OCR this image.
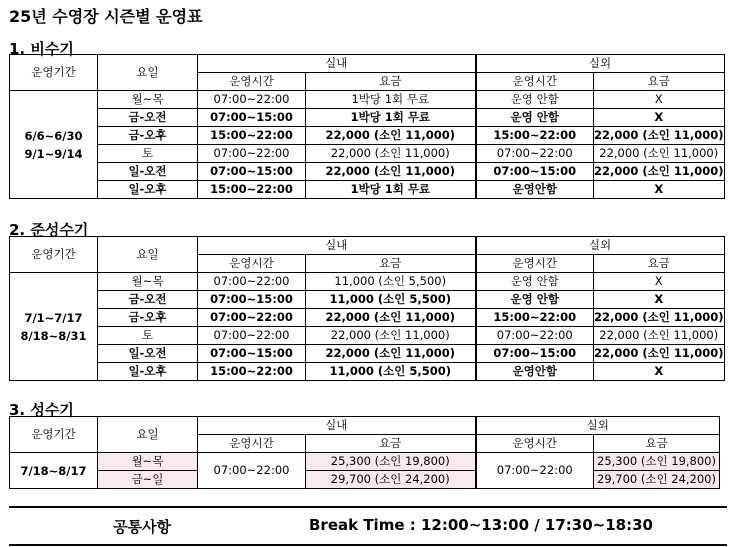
25년 수영장 시즌별 운영표
1. 비수기
운영기간	요일	실내		실외	
		운영시간	요금	운영시간	요금

6/6~6/30
9/1~9/14	월~목	07:00~22:00	1박당 1회 무료	운영 안함	X
	금-오전	07:00~15:00	1박당 1회 무료	운영 안함	X
	금-오후	15:00~22:00	22,000 (소인 11,000)	15:00~22:00	22,000 (소인 11,000)
	토	07:00~22:00	22,000 (소인 11,000)	07:00~22:00	22,000 (소인 11,000)
	일-오전	07:00~15:00	22,000 (소인 11,000)	07:00~15:00	22,000 (소인 11,000)
	일-오후	15:00~22:00	1박당 1회 무료	운영안함	X
2. 준성수기
운영기간	요일	실내		실외	
		운영시간	요금	운영시간	요금

7/1~7/17
8/18~8/31	월~목	07:00~22:00	11,000 (소인 5,500)	운영 안함	X
	금-오전	07:00~15:00	11,000 (소인 5,500)	운영 안함	X
	금-오후	07:00~22:00	22,000 (소인 11,000)	15:00~22:00	22,000 (소인 11,000)
	토	07:00~22:00	22,000 (소인 11,000)	07:00~22:00	22,000 (소인 11,000)
	일-오전	07:00~15:00	22,000 (소인 11,000)	07:00~15:00	22,000 (소인 11,000)
	일-오후	15:00~22:00	11,000 (소인 5,500)	운영안함	X
3. 성수기
운영기간	요일	실내		실외	
		운영시간	요금	운영시간	요금

7/18~8/17	월~목	07:00~22:00	25,300 (소인 19,800)	07:00~22:00	25,300 (소인 19,800)
	금~일		29,700 (소인 24,200)		29,700 (소인 24,200)
공통사항	Break Time : 12:00~13:00 / 17:30~18:30
